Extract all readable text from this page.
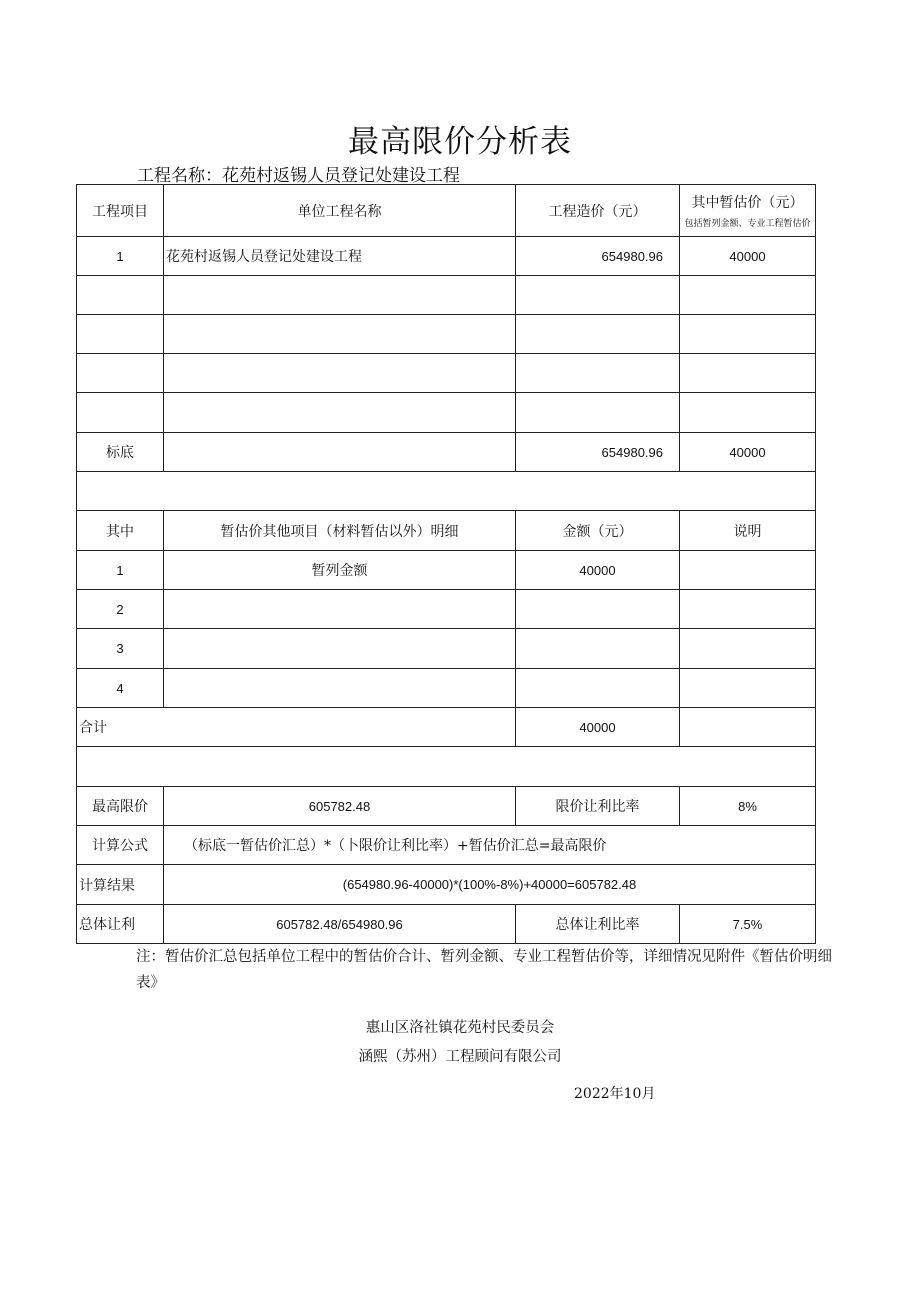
最高限价分析表
工程名称：花苑村返锡人员登记处建设工程
工程项目	单位工程名称	工程造价（元）	其中暂估价（元）
包括暂列金额、专业工程暂估价

1	花苑村返锡人员登记处建设工程	654980.96	40000

标底		654980.96	40000

其中	暂估价其他项目（材料暂估以外）明细	金额（元）	说明
1	暂列金额	40000	
2			
3			
4			
合计		40000	

最高限价	605782.48	限价让利比率	8%
计算公式	（标底一暂估价汇总）*（卜限价让利比率）+暂估价汇总=最高限价		
计算结果	(654980.96-40000)*(100%-8%)+40000=605782.48		
总体让利	605782.48/654980.96	总体让利比率	7.5%
注：暂估价汇总包括单位工程中的暂估价合计、暂列金额、专业工程暂估价等，详细情况见附件《暂估价明细表》
惠山区洛社镇花苑村民委员会
涵熙（苏州）工程顾问有限公司
2022年10月
